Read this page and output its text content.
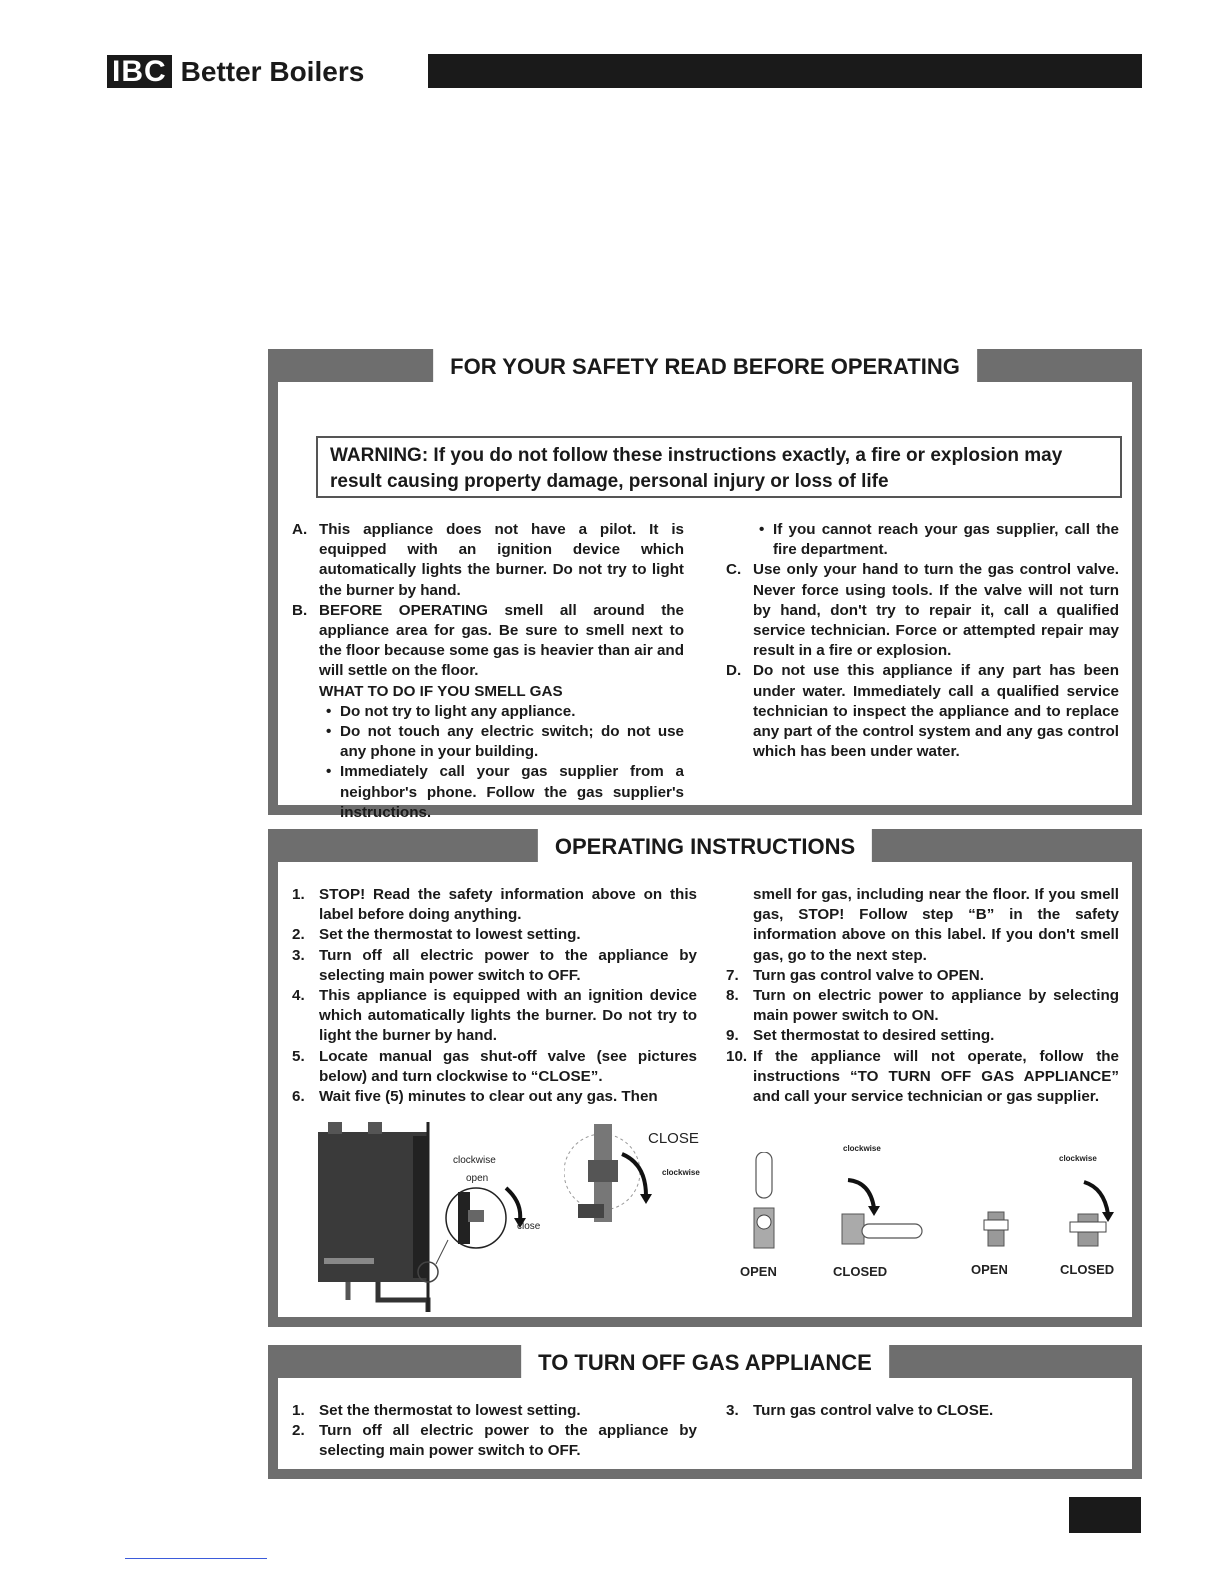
IBC Better Boilers
WARNING: If you do not follow these instructions exactly, a fire or explosion may result causing property damage, personal injury or loss of life
A. This appliance does not have a pilot. It is equipped with an ignition device which automatically lights the burner. Do not try to light the burner by hand.
B. BEFORE OPERATING smell all around the appliance area for gas. Be sure to smell next to the floor because some gas is heavier than air and will settle on the floor.
WHAT TO DO IF YOU SMELL GAS
• Do not try to light any appliance.
• Do not touch any electric switch; do not use any phone in your building.
• Immediately call your gas supplier from a neighbor's phone. Follow the gas supplier's instructions.
• If you cannot reach your gas supplier, call the fire department.
C. Use only your hand to turn the gas control valve. Never force using tools. If the valve will not turn by hand, don't try to repair it, call a qualified service technician. Force or attempted repair may result in a fire or explosion.
D. Do not use this appliance if any part has been under water. Immediately call a qualified service technician to inspect the appliance and to replace any part of the control system and any gas control which has been under water.
FOR YOUR SAFETY READ BEFORE OPERATING
1. STOP! Read the safety information above on this label before doing anything.
2. Set the thermostat to lowest setting.
3. Turn off all electric power to the appliance by selecting main power switch to OFF.
4. This appliance is equipped with an ignition device which automatically lights the burner. Do not try to light the burner by hand.
5. Locate manual gas shut-off valve (see pictures below) and turn clockwise to “CLOSE”.
6. Wait five (5) minutes to clear out any gas. Then
smell for gas, including near the floor. If you smell gas, STOP! Follow step “B” in the safety information above on this label. If you don't smell gas, go to the next step.
7. Turn gas control valve to OPEN.
8. Turn on electric power to appliance by selecting main power switch to ON.
9. Set thermostat to desired setting.
10. If the appliance will not operate, follow the instructions “TO TURN OFF GAS APPLIANCE” and call your service technician or gas supplier.
clockwise
open
close
CLOSE
clockwise
clockwise
clockwise
OPEN	CLOSED	OPEN	CLOSED
OPERATING INSTRUCTIONS
1. Set the thermostat to lowest setting.
2. Turn off all electric power to the appliance by selecting main power switch to OFF.
3. Turn gas control valve to CLOSE.
TO TURN OFF GAS APPLIANCE
